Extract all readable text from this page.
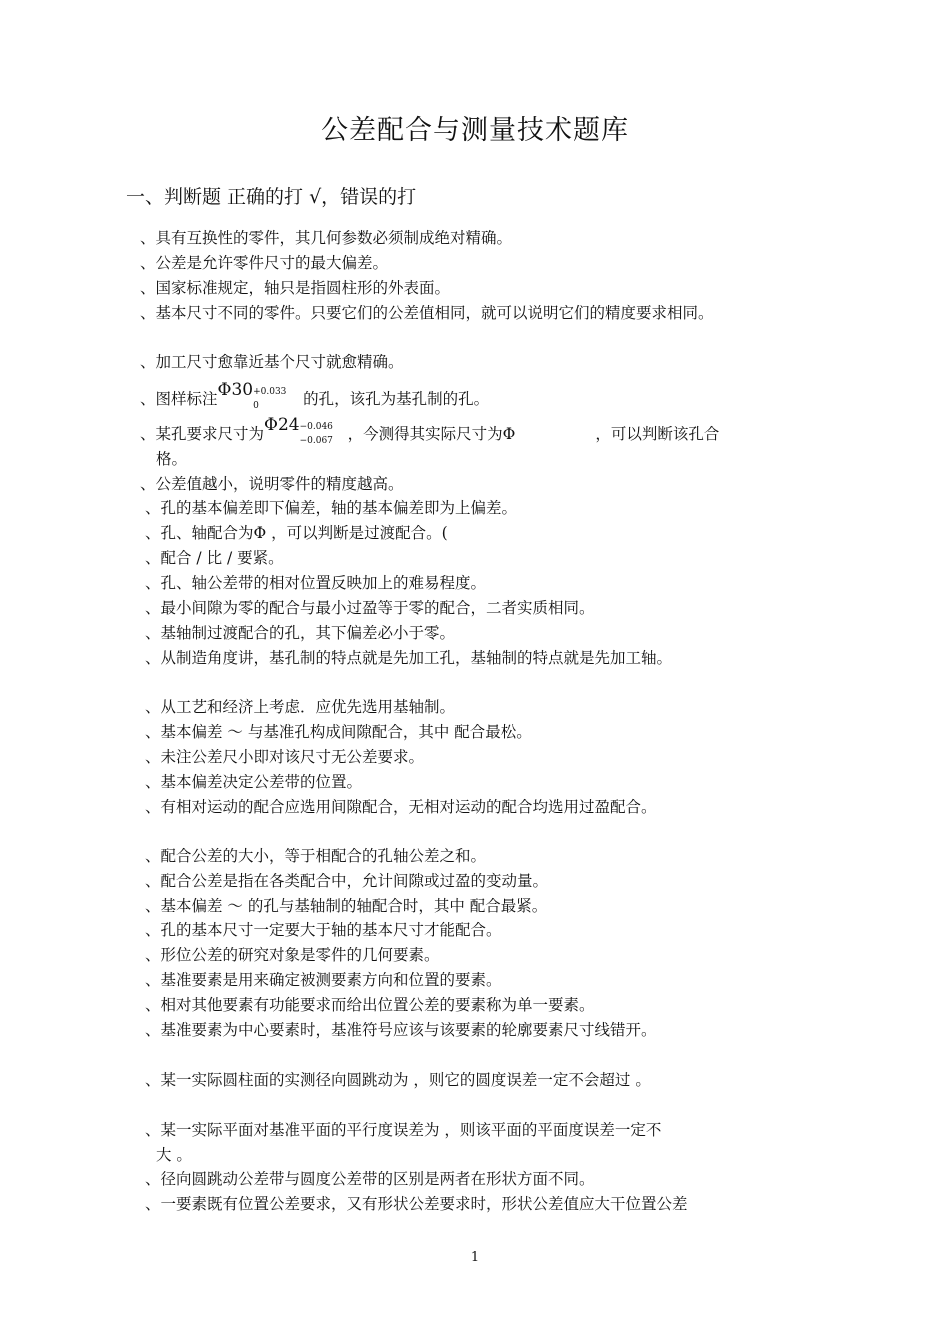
公差配合与测量技术题库
一、判断题 正确的打 √，错误的打
、具有互换性的零件，其几何参数必须制成绝对精确。
、公差是允许零件尺寸的最大偏差。
、国家标准规定，轴只是指圆柱形的外表面。
、基本尺寸不同的零件。只要它们的公差值相同，就可以说明它们的精度要求相同。
、加工尺寸愈靠近基个尺寸就愈精确。
、图样标注Φ30 +0.033
0	的孔，该孔为基孔制的孔。
、某孔要求尺寸为Φ24 −0.046
−0.067 ，今测得其实际尺寸为Φ	，可以判断该孔合
格。
、公差值越小，说明零件的精度越高。
、孔的基本偏差即下偏差，轴的基本偏差即为上偏差。
、孔、轴配合为Φ ，可以判断是过渡配合。(
、配合 / 比 / 要紧。
、孔、轴公差带的相对位置反映加上的难易程度。
、最小间隙为零的配合与最小过盈等于零的配合，二者实质相同。
、基轴制过渡配合的孔，其下偏差必小于零。
、从制造角度讲，基孔制的特点就是先加工孔，基轴制的特点就是先加工轴。
、从工艺和经济上考虑．应优先选用基轴制。
、基本偏差 ～ 与基准孔构成间隙配合，其中 配合最松。
、未注公差尺小即对该尺寸无公差要求。
、基本偏差决定公差带的位置。
、有相对运动的配合应选用间隙配合，无相对运动的配合均选用过盈配合。
、配合公差的大小，等于相配合的孔轴公差之和。
、配合公差是指在各类配合中，允计间隙或过盈的变动量。
、基本偏差 ～ 的孔与基轴制的轴配合时，其中 配合最紧。
、孔的基本尺寸一定要大于轴的基本尺寸才能配合。
、形位公差的研究对象是零件的几何要素。
、基准要素是用来确定被测要素方向和位置的要素。
、相对其他要素有功能要求而给出位置公差的要素称为单一要素。
、基准要素为中心要素时，基准符号应该与该要素的轮廓要素尺寸线错开。
、某一实际圆柱面的实测径向圆跳动为 ，则它的圆度误差一定不会超过 。
、某一实际平面对基准平面的平行度误差为 ，则该平面的平面度误差一定不
大 。
、径向圆跳动公差带与圆度公差带的区别是两者在形状方面不同。
、一要素既有位置公差要求，又有形状公差要求时，形状公差值应大干位置公差
1
